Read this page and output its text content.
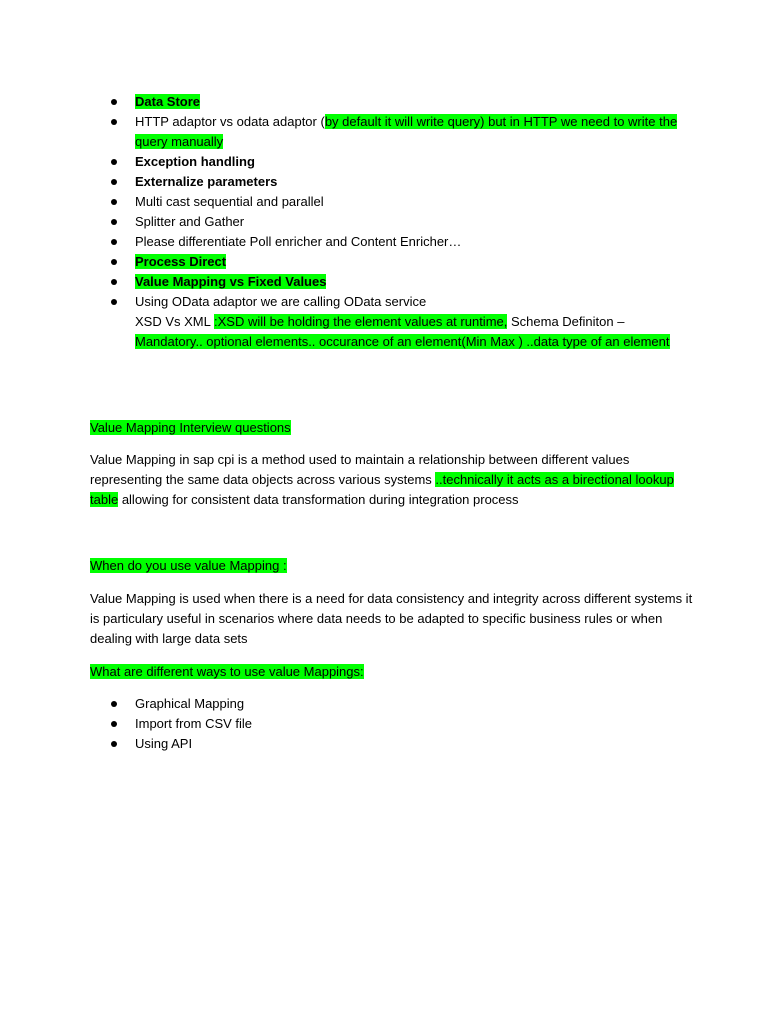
Data Store
HTTP adaptor vs odata adaptor (by default it will write query) but in HTTP we need to write the
query manually
Exception handling
Externalize parameters
Multi cast sequential and parallel
Splitter and Gather
Please differentiate Poll enricher and Content Enricher…
Process Direct
Value Mapping vs Fixed Values
Using OData adaptor we are calling OData service
XSD Vs XML :XSD will be holding the element values at runtime, Schema Definiton –
Mandatory.. optional elements.. occurance of an element(Min Max ) ..data type of an element
Value Mapping Interview questions
Value Mapping in sap cpi is a method used to maintain a relationship between different values
representing the same data objects across various systems ..technically it acts as a birectional lookup
table allowing for consistent data transformation during integration process
When do you use value Mapping :
Value Mapping is used when there is a need for data consistency and integrity across different systems it
is particulary useful in scenarios where data needs to be adapted to specific business rules or when
dealing with large data sets
What are different ways to use value Mappings:
Graphical Mapping
Import from CSV file
Using API
